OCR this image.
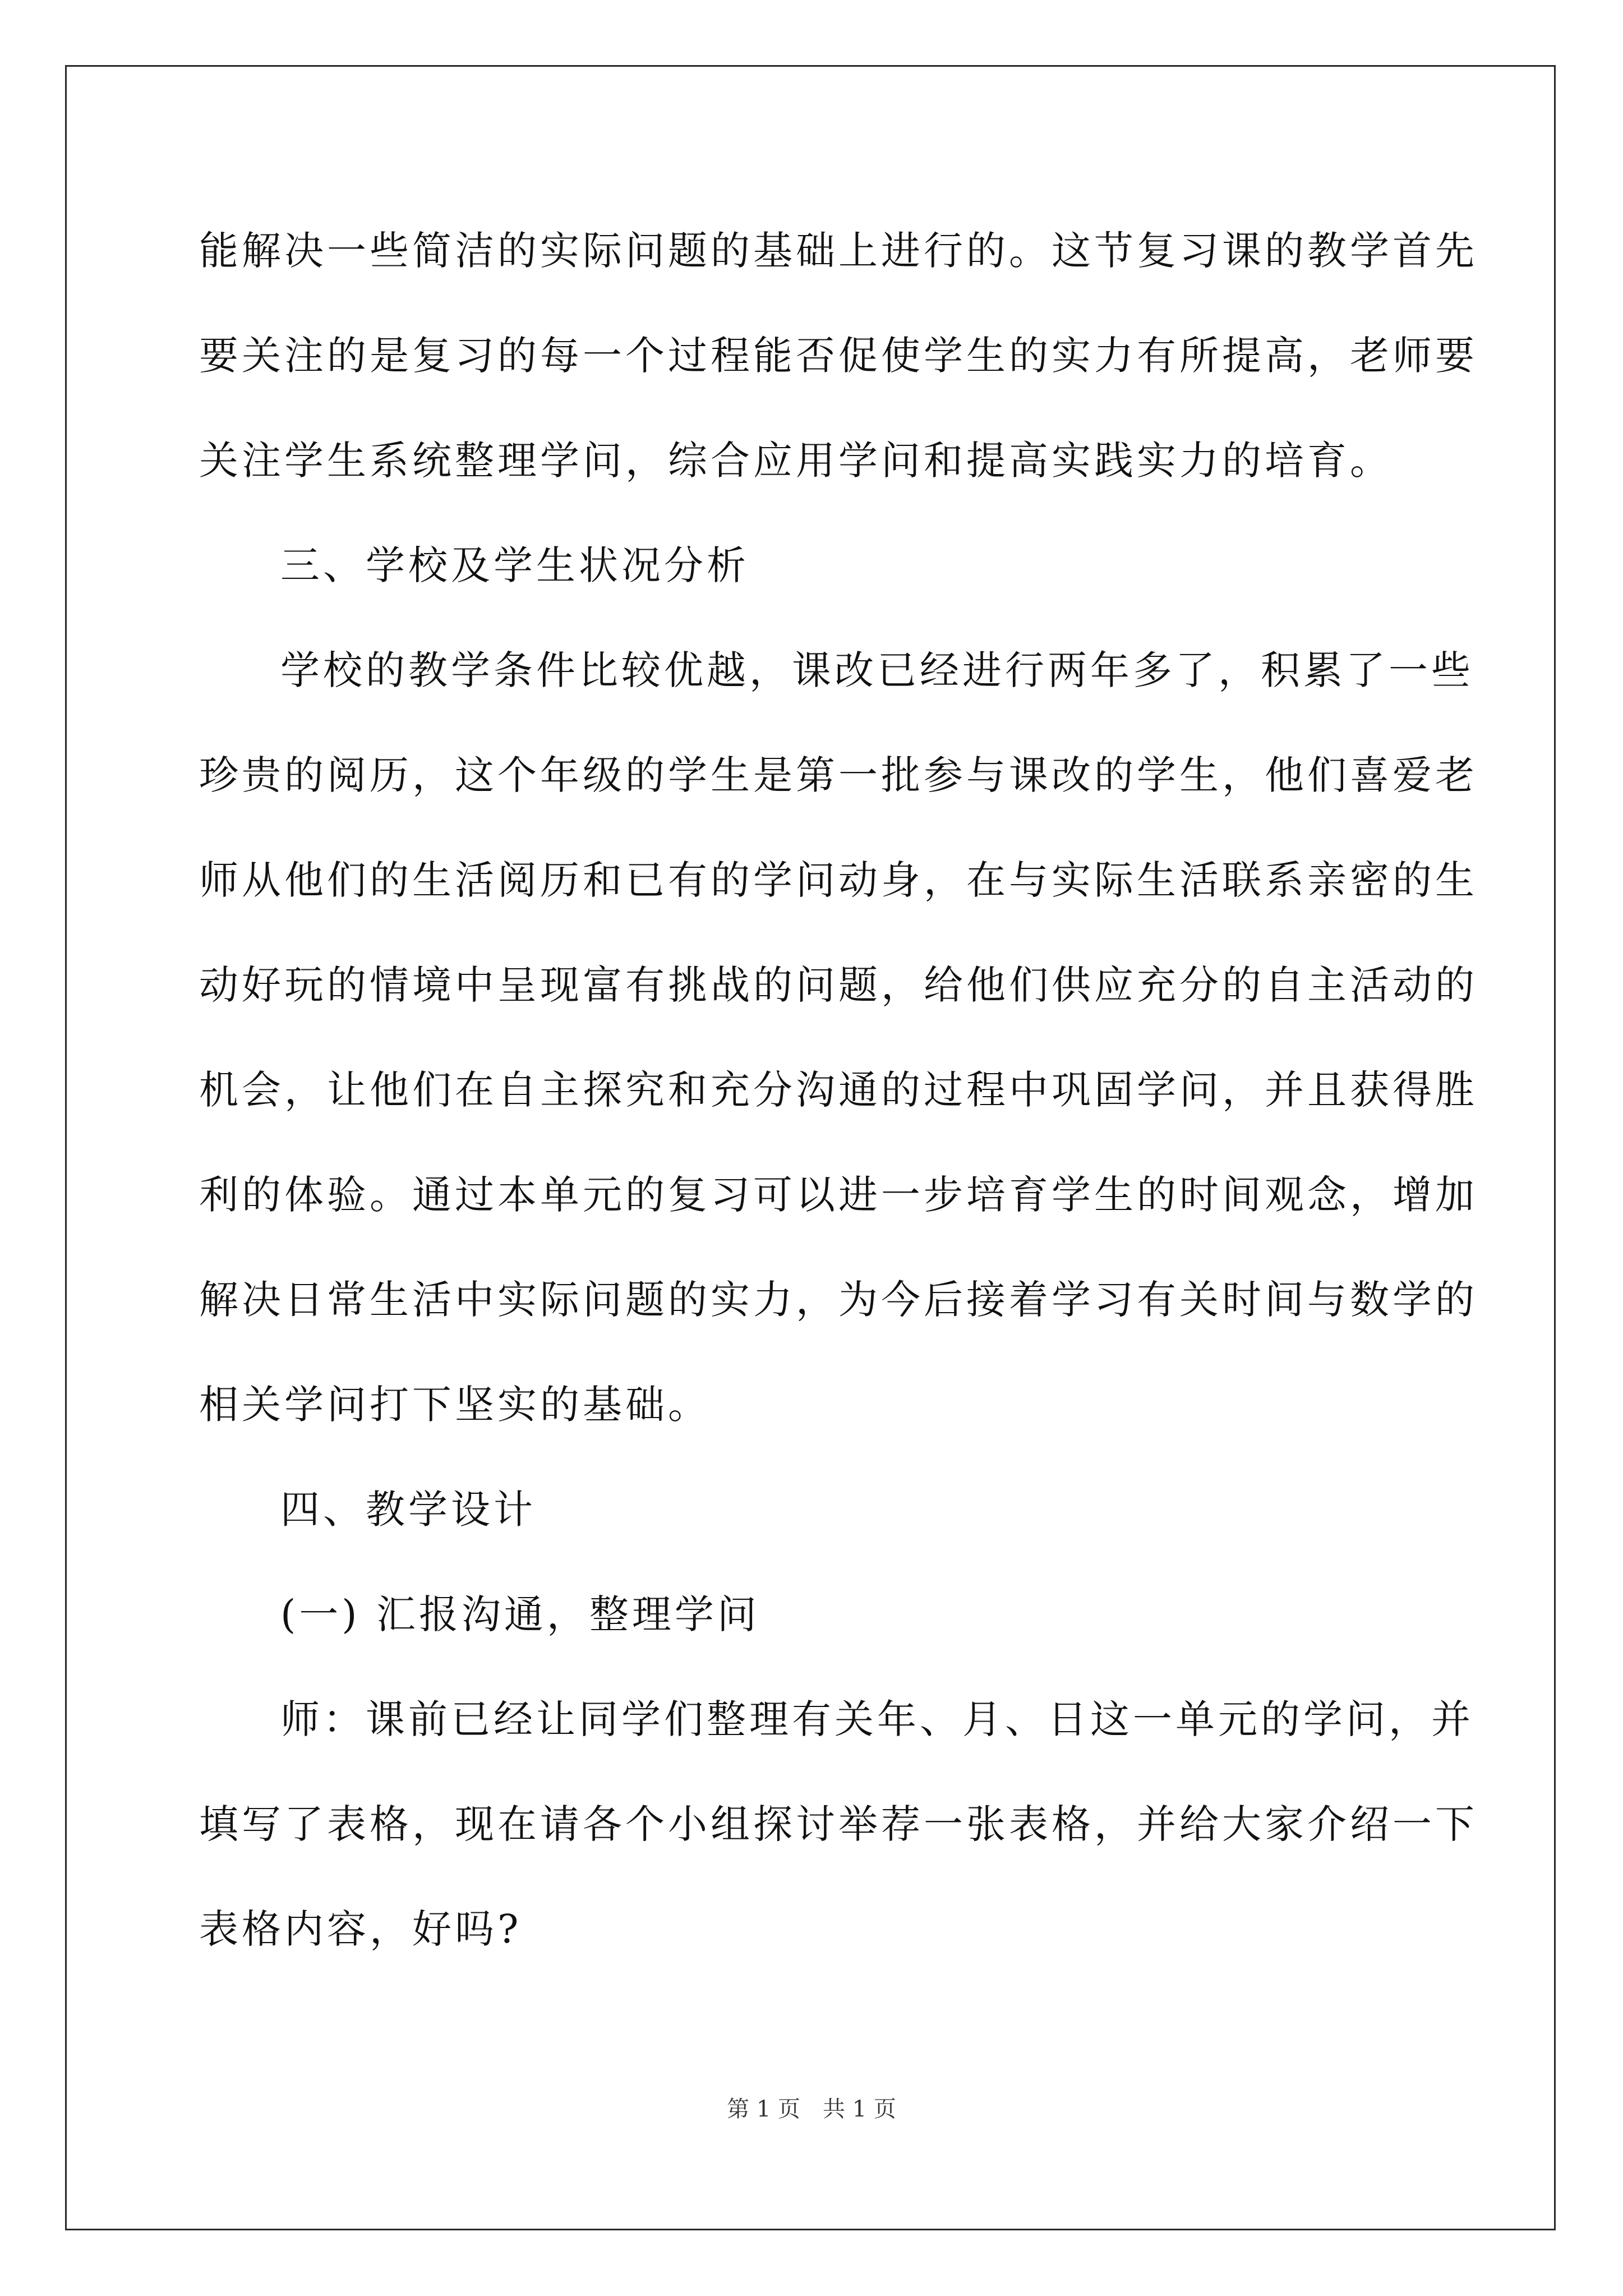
能解决一些简洁的实际问题的基础上进行的。这节复习课的教学首先

要关注的是复习的每一个过程能否促使学生的实力有所提高，老师要

关注学生系统整理学问，综合应用学问和提高实践实力的培育。

三、学校及学生状况分析

学校的教学条件比较优越，课改已经进行两年多了，积累了一些

珍贵的阅历，这个年级的学生是第一批参与课改的学生，他们喜爱老

师从他们的生活阅历和已有的学问动身，在与实际生活联系亲密的生

动好玩的情境中呈现富有挑战的问题，给他们供应充分的自主活动的

机会，让他们在自主探究和充分沟通的过程中巩固学问，并且获得胜

利的体验。通过本单元的复习可以进一步培育学生的时间观念，增加

解决日常生活中实际问题的实力，为今后接着学习有关时间与数学的

相关学问打下坚实的基础。

四、教学设计

(一) 汇报沟通，整理学问

师：课前已经让同学们整理有关年、月、日这一单元的学问，并

填写了表格，现在请各个小组探讨举荐一张表格，并给大家介绍一下

表格内容，好吗?

第 1 页　共 1 页
